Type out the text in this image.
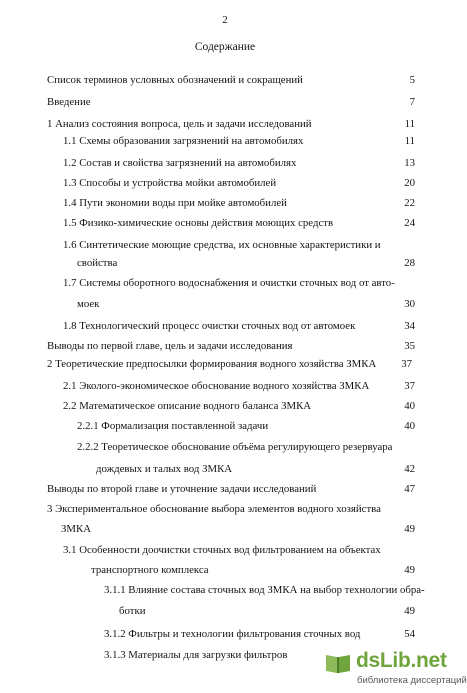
2
Содержание
Список терминов условных обозначений и сокращений	5
Введение	7
1 Анализ состояния вопроса, цель и задачи исследований	11
1.1 Схемы образования загрязнений на автомобилях	11
1.2 Состав и свойства загрязнений на автомобилях	13
1.3 Способы и устройства мойки автомобилей	20
1.4 Пути экономии воды при мойке автомобилей	22
1.5 Физико-химические основы действия моющих средств	24
1.6 Синтетические моющие средства, их основные характеристики и
свойства	28
1.7 Системы оборотного водоснабжения и очистки сточных вод от авто-
моек	30
1.8 Технологический процесс очистки сточных вод от автомоек	34
Выводы по первой главе, цель и задачи исследования	35
2 Теоретические предпосылки формирования водного хозяйства ЗМКА	37
2.1 Эколого-экономическое обоснование водного хозяйства ЗМКА	37
2.2 Математическое описание водного баланса ЗМКА	40
2.2.1 Формализация поставленной задачи	40
2.2.2 Теоретическое обоснование объёма регулирующего резервуара
дождевых и талых вод ЗМКА	42
Выводы по второй главе и уточнение задачи исследований	47
3 Экспериментальное обоснование выбора элементов водного хозяйства
ЗМКА	49
3.1 Особенности доочистки сточных вод фильтрованием на объектах
транспортного комплекса	49
3.1.1 Влияние состава сточных вод ЗМКА на выбор технологии обра-
ботки	49
3.1.2 Фильтры и технологии фильтрования сточных вод	54
3.1.3 Материалы для загрузки фильтров	dsLib.net
библиотека диссертаций
